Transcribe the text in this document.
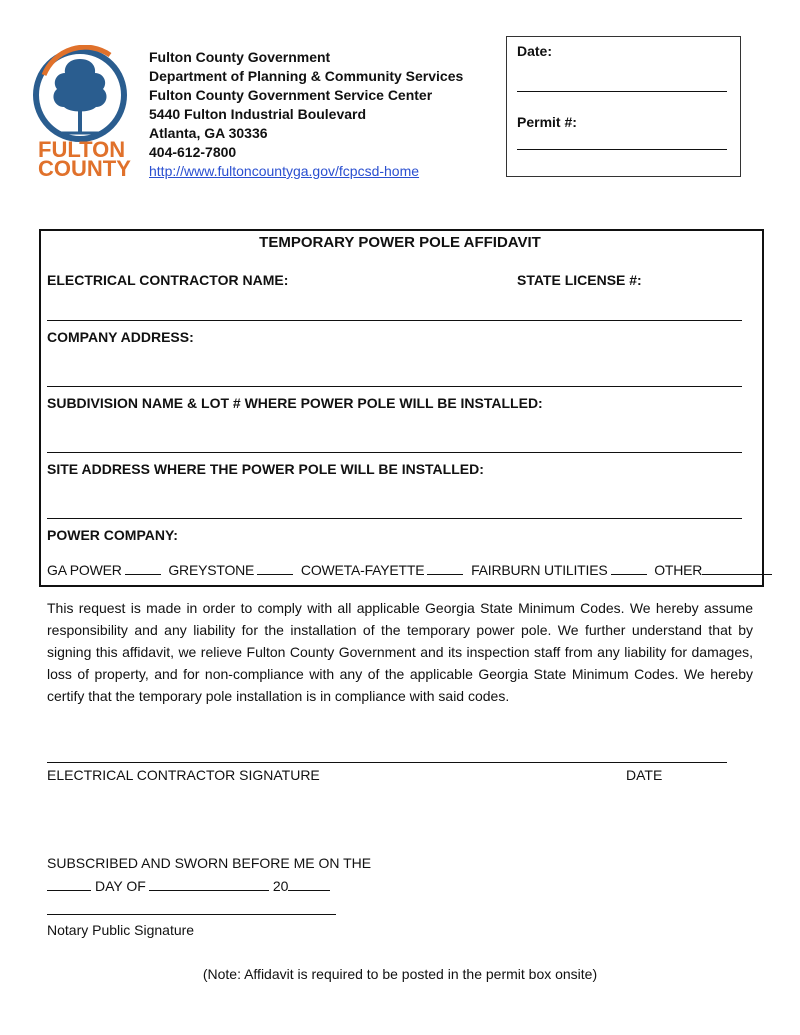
FULTON
COUNTY
Fulton County Government
Department of Planning & Community Services
Fulton County Government Service Center
5440 Fulton Industrial Boulevard
Atlanta, GA 30336
404-612-7800
http://www.fultoncountyga.gov/fcpcsd-home
Date:
Permit #:
TEMPORARY POWER POLE AFFIDAVIT
ELECTRICAL CONTRACTOR NAME:	STATE LICENSE #:
COMPANY ADDRESS:
SUBDIVISION NAME & LOT # WHERE POWER POLE WILL BE INSTALLED:
SITE ADDRESS WHERE THE POWER POLE WILL BE INSTALLED:
POWER COMPANY:
GA POWER	GREYSTONE	COWETA-FAYETTE	FAIRBURN UTILITIES	OTHER
This request is made in order to comply with all applicable Georgia State Minimum Codes. We hereby assume responsibility and any liability for the installation of the temporary power pole. We further understand that by signing this affidavit, we relieve Fulton County Government and its inspection staff from any liability for damages, loss of property, and for non-compliance with any of the applicable Georgia State Minimum Codes. We hereby certify that the temporary pole installation is in compliance with said codes.
ELECTRICAL CONTRACTOR SIGNATURE	DATE
SUBSCRIBED AND SWORN BEFORE ME ON THE
DAY OF	20
Notary Public Signature
(Note: Affidavit is required to be posted in the permit box onsite)
